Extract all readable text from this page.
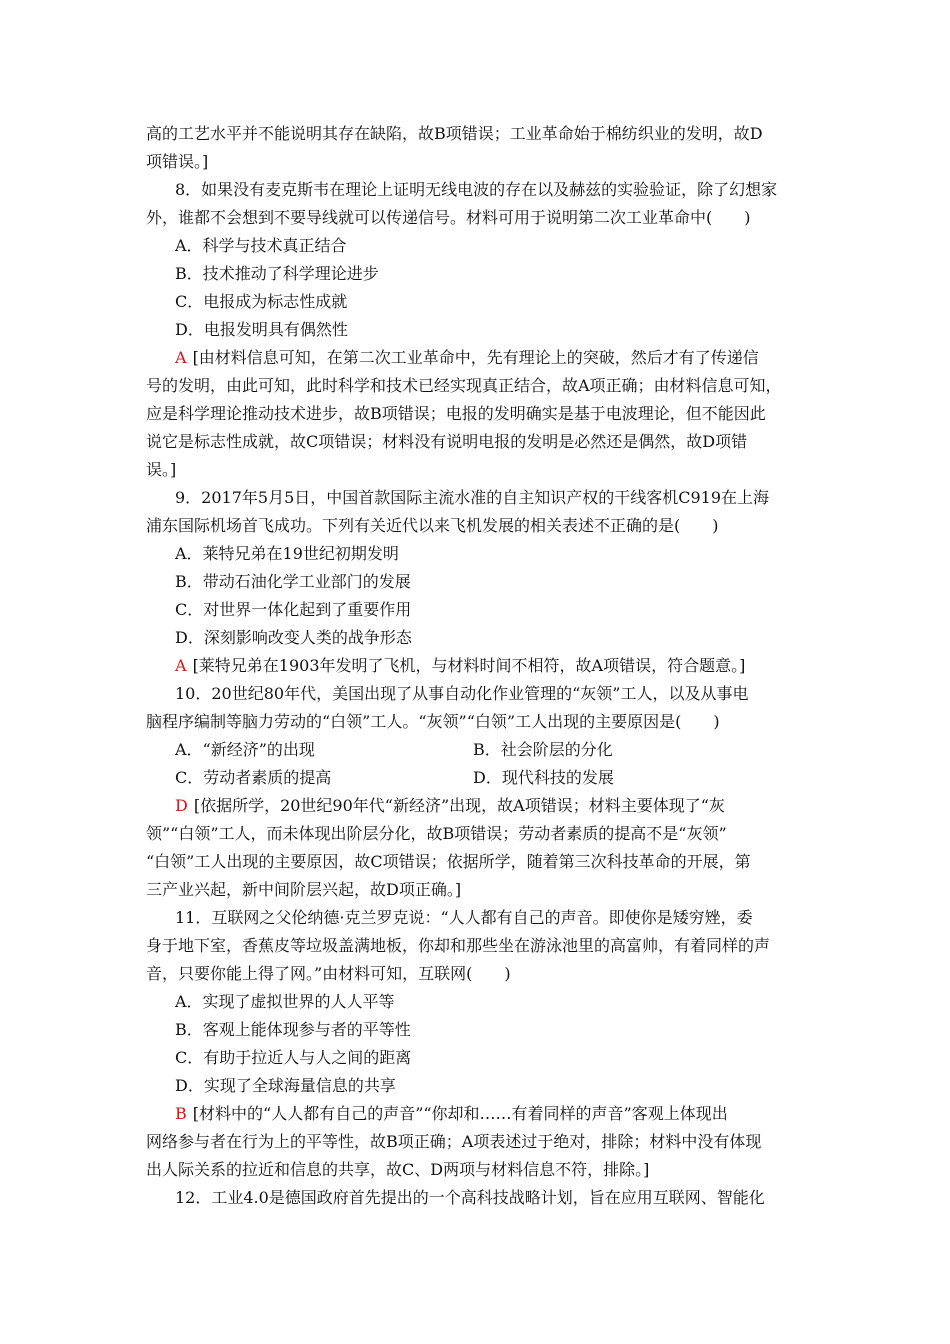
高的工艺水平并不能说明其存在缺陷，故B项错误；工业革命始于棉纺织业的发明，故D
项错误。]
8．如果没有麦克斯韦在理论上证明无线电波的存在以及赫兹的实验验证，除了幻想家
外，谁都不会想到不要导线就可以传递信号。材料可用于说明第二次工业革命中(　　)
A．科学与技术真正结合
B．技术推动了科学理论进步
C．电报成为标志性成就
D．电报发明具有偶然性
A [由材料信息可知，在第二次工业革命中，先有理论上的突破，然后才有了传递信
号的发明，由此可知，此时科学和技术已经实现真正结合，故A项正确；由材料信息可知，
应是科学理论推动技术进步，故B项错误；电报的发明确实是基于电波理论，但不能因此
说它是标志性成就，故C项错误；材料没有说明电报的发明是必然还是偶然，故D项错
误。]
9．2017年5月5日，中国首款国际主流水准的自主知识产权的干线客机C919在上海
浦东国际机场首飞成功。下列有关近代以来飞机发展的相关表述不正确的是(　　)
A．莱特兄弟在19世纪初期发明
B．带动石油化学工业部门的发展
C．对世界一体化起到了重要作用
D．深刻影响改变人类的战争形态
A [莱特兄弟在1903年发明了飞机，与材料时间不相符，故A项错误，符合题意。]
10．20世纪80年代，美国出现了从事自动化作业管理的“灰领”工人，以及从事电
脑程序编制等脑力劳动的“白领”工人。“灰领”“白领”工人出现的主要原因是(　　)
A．“新经济”的出现	B．社会阶层的分化
C．劳动者素质的提高	D．现代科技的发展
D [依据所学，20世纪90年代“新经济”出现，故A项错误；材料主要体现了“灰
领”“白领”工人，而未体现出阶层分化，故B项错误；劳动者素质的提高不是“灰领”
“白领”工人出现的主要原因，故C项错误；依据所学，随着第三次科技革命的开展，第
三产业兴起，新中间阶层兴起，故D项正确。]
11．互联网之父伦纳德·克兰罗克说：“人人都有自己的声音。即使你是矮穷矬，委
身于地下室，香蕉皮等垃圾盖满地板，你却和那些坐在游泳池里的高富帅，有着同样的声
音，只要你能上得了网。”由材料可知，互联网(　　)
A．实现了虚拟世界的人人平等
B．客观上能体现参与者的平等性
C．有助于拉近人与人之间的距离
D．实现了全球海量信息的共享
B [材料中的“人人都有自己的声音”“你却和……有着同样的声音”客观上体现出
网络参与者在行为上的平等性，故B项正确；A项表述过于绝对，排除；材料中没有体现
出人际关系的拉近和信息的共享，故C、D两项与材料信息不符，排除。]
12．工业4.0是德国政府首先提出的一个高科技战略计划，旨在应用互联网、智能化
